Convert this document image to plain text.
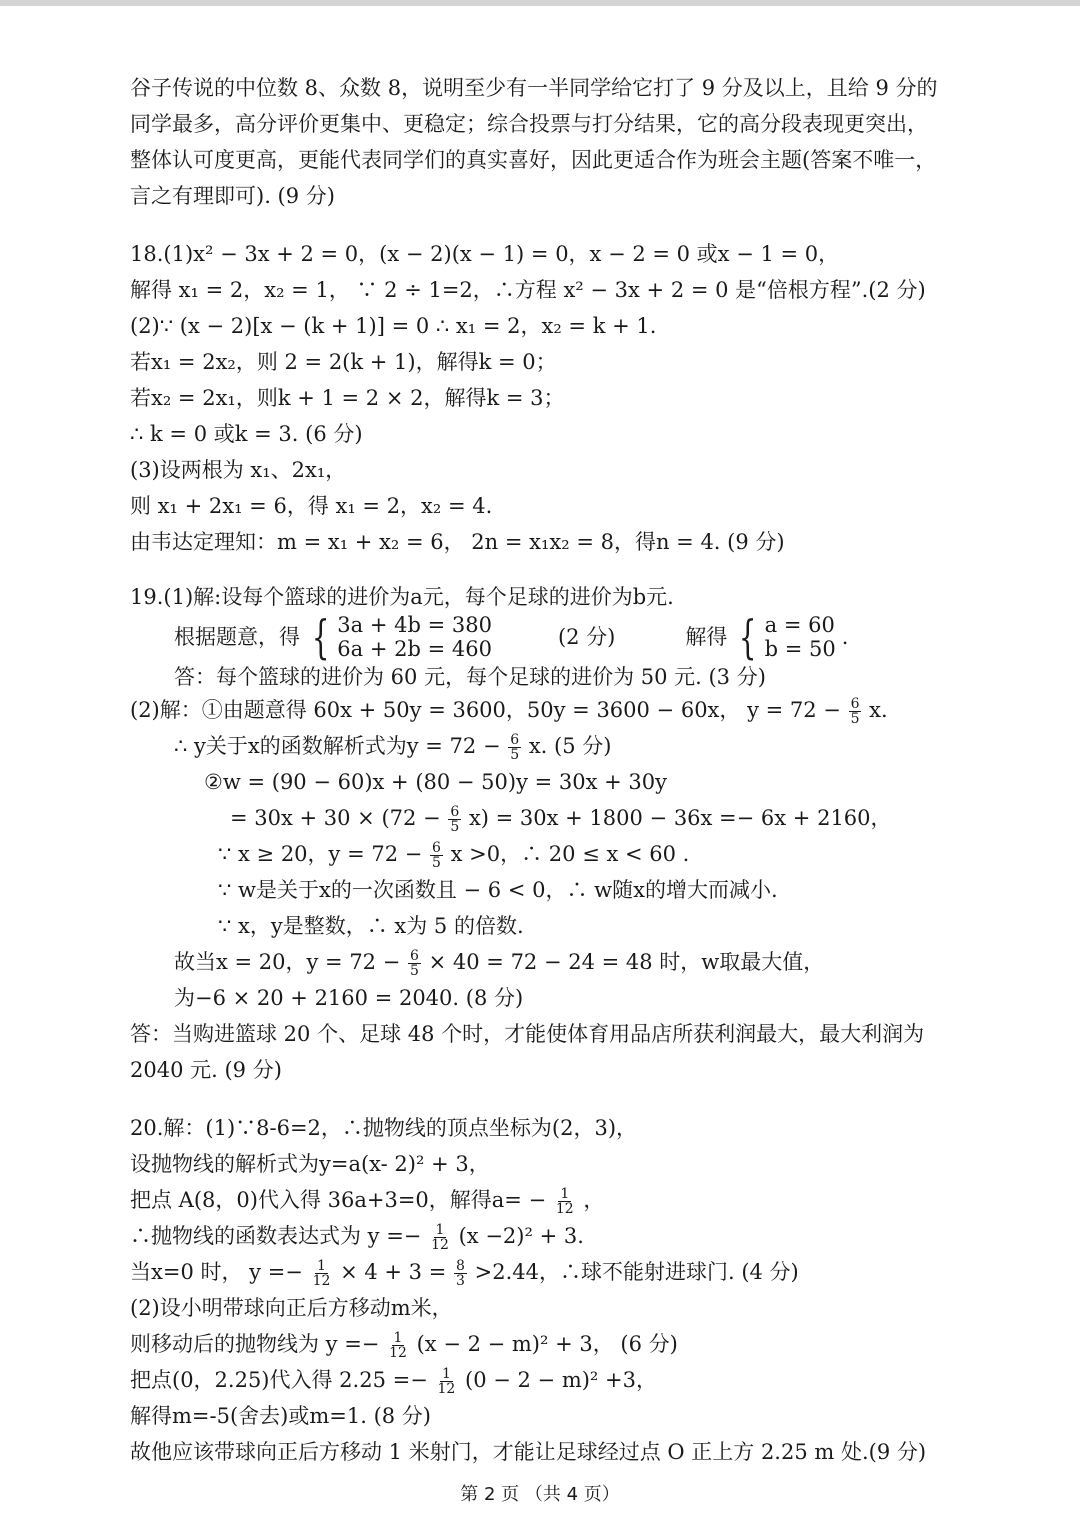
谷子传说的中位数 8、众数 8，说明至少有一半同学给它打了 9 分及以上，且给 9 分的

同学最多，高分评价更集中、更稳定；综合投票与打分结果，它的高分段表现更突出，

整体认可度更高，更能代表同学们的真实喜好，因此更适合作为班会主题(答案不唯一，

言之有理即可). (9 分)

18.(1)x² − 3x + 2 = 0，(x − 2)(x − 1) = 0，x − 2 = 0 或x − 1 = 0，

解得 x₁ = 2，x₂ = 1， ∵ 2 ÷ 1=2，∴方程 x² − 3x + 2 = 0 是“倍根方程”.(2 分)

(2)∵ (x − 2)[x − (k + 1)] = 0 ∴ x₁ = 2，x₂ = k + 1.

若x₁ = 2x₂，则 2 = 2(k + 1)，解得k = 0；

若x₂ = 2x₁，则k + 1 = 2 × 2，解得k = 3；

∴ k = 0 或k = 3. (6 分)

(3)设两根为 x₁、2x₁，

则 x₁ + 2x₁ = 6，得 x₁ = 2，x₂ = 4.

由韦达定理知：m = x₁ + x₂ = 6， 2n = x₁x₂ = 8，得n = 4. (9 分)

19.(1)解:设每个篮球的进价为a元，每个足球的进价为b元.

根据题意，得 { 3a + 4b = 380
6a + 2b = 460	(2 分)	解得 { a = 60
b = 50 .

答：每个篮球的进价为 60 元，每个足球的进价为 50 元. (3 分)

(2)解：①由题意得 60x + 50y = 3600，50y = 3600 − 60x， $y = 72 - \frac{6}{5} x$.

∴ y关于x的函数解析式为$y = 72 - \frac{6}{5} x$. (5 分)

②w = (90 − 60)x + (80 − 50)y = 30x + 30y

= $30x + 30 \times (72 - \frac{6}{5} x) = 30x + 1800 - 36x =- 6x + 2160$，

∵ x ≥ 20，$y = 72 - \frac{6}{5}$ x >0，∴ 20 ≤ x < 60 .

∵ w是关于x的一次函数且 − 6 < 0，∴ w随x的增大而减小.

∵ x，y是整数，∴ x为 5 的倍数.

故当x = 20，$y = 72 - \frac{6}{5} \times 40 = 72 - 24 = 48$ 时，w取最大值，

为−6 × 20 + 2160 = 2040. (8 分)

答：当购进篮球 20 个、足球 48 个时，才能使体育用品店所获利润最大，最大利润为

2040 元. (9 分)

20.解：(1)∵8-6=2，∴抛物线的顶点坐标为(2，3)，

设抛物线的解析式为y=a(x- 2)² + 3，

把点 A(8，0)代入得 36a+3=0，解得$a= - \frac{1}{12}$ ，

∴抛物线的函数表达式为 $y =- \frac{1}{12} (x -2)^2 + 3$.

当x=0 时， $y =- \frac{1}{12} \times 4 + 3 = \frac{8}{3} >2.44$，∴球不能射进球门. (4 分)

(2)设小明带球向正后方移动m米，

则移动后的抛物线为 $y =- \frac{1}{12} (x - 2 - m)^2 + 3$， (6 分)

把点(0，2.25)代入得 $2.25 =- \frac{1}{12} (0 - 2 - m)^2 +3$，

解得m=-5(舍去)或m=1. (8 分)

故他应该带球向正后方移动 1 米射门，才能让足球经过点 O 正上方 2.25 m 处.(9 分)

第 2 页 （共 4 页）
